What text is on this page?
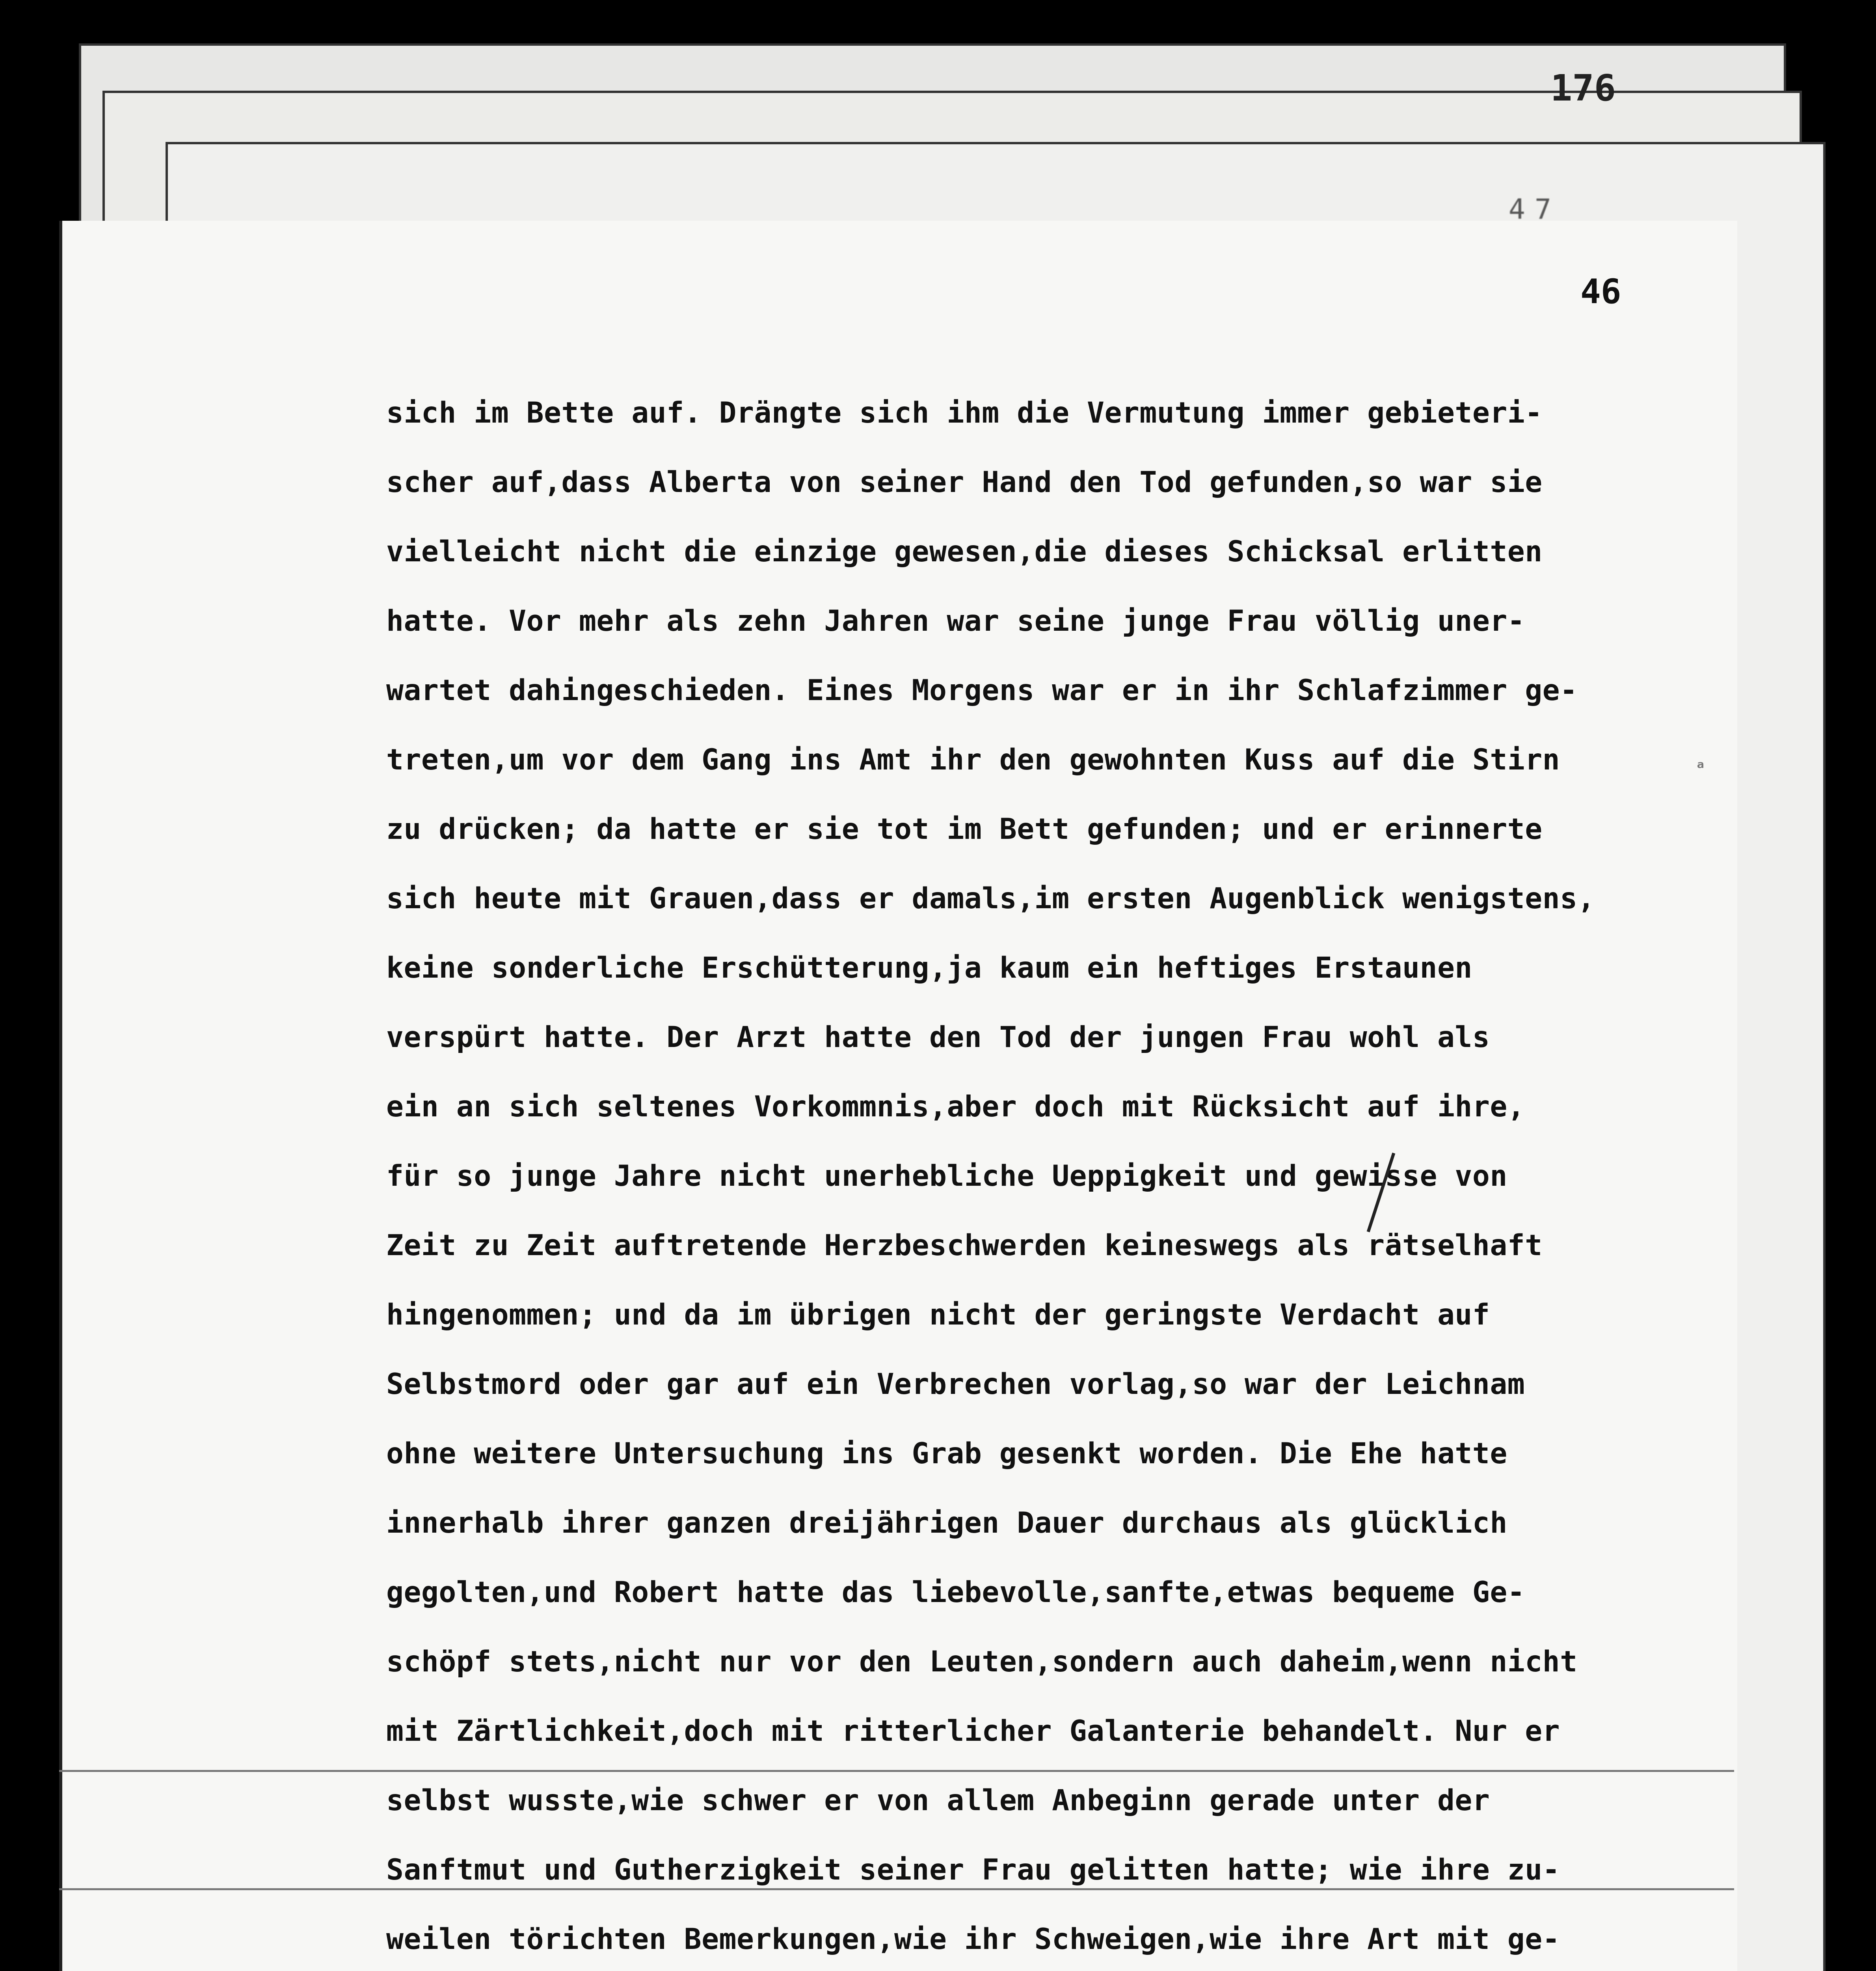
176
47
46
sich im Bette auf. Drängte sich ihm die Vermutung immer gebieteri-
scher auf,dass Alberta von seiner Hand den Tod gefunden,so war sie
vielleicht nicht die einzige gewesen,die dieses Schicksal erlitten
hatte. Vor mehr als zehn Jahren war seine junge Frau völlig uner-
wartet dahingeschieden. Eines Morgens war er in ihr Schlafzimmer ge-
treten,um vor dem Gang ins Amt ihr den gewohnten Kuss auf die Stirn
zu drücken; da hatte er sie tot im Bett gefunden; und er erinnerte
sich heute mit Grauen,dass er damals,im ersten Augenblick wenigstens,
keine sonderliche Erschütterung,ja kaum ein heftiges Erstaunen
verspürt hatte. Der Arzt hatte den Tod der jungen Frau wohl als
ein an sich seltenes Vorkommnis,aber doch mit Rücksicht auf ihre,
für so junge Jahre nicht unerhebliche Ueppigkeit und gewisse von
Zeit zu Zeit auftretende Herzbeschwerden keineswegs als rätselhaft
hingenommen; und da im übrigen nicht der geringste Verdacht auf
Selbstmord oder gar auf ein Verbrechen vorlag,so war der Leichnam
ohne weitere Untersuchung ins Grab gesenkt worden. Die Ehe hatte
innerhalb ihrer ganzen dreijährigen Dauer durchaus als glücklich
gegolten,und Robert hatte das liebevolle,sanfte,etwas bequeme Ge-
schöpf stets,nicht nur vor den Leuten,sondern auch daheim,wenn nicht
mit Zärtlichkeit,doch mit ritterlicher Galanterie behandelt. Nur er
selbst wusste,wie schwer er von allem Anbeginn gerade unter der
Sanftmut und Gutherzigkeit seiner Frau gelitten hatte; wie ihre zu-
weilen törichten Bemerkungen,wie ihr Schweigen,wie ihre Art mit ge-
ᵃ
